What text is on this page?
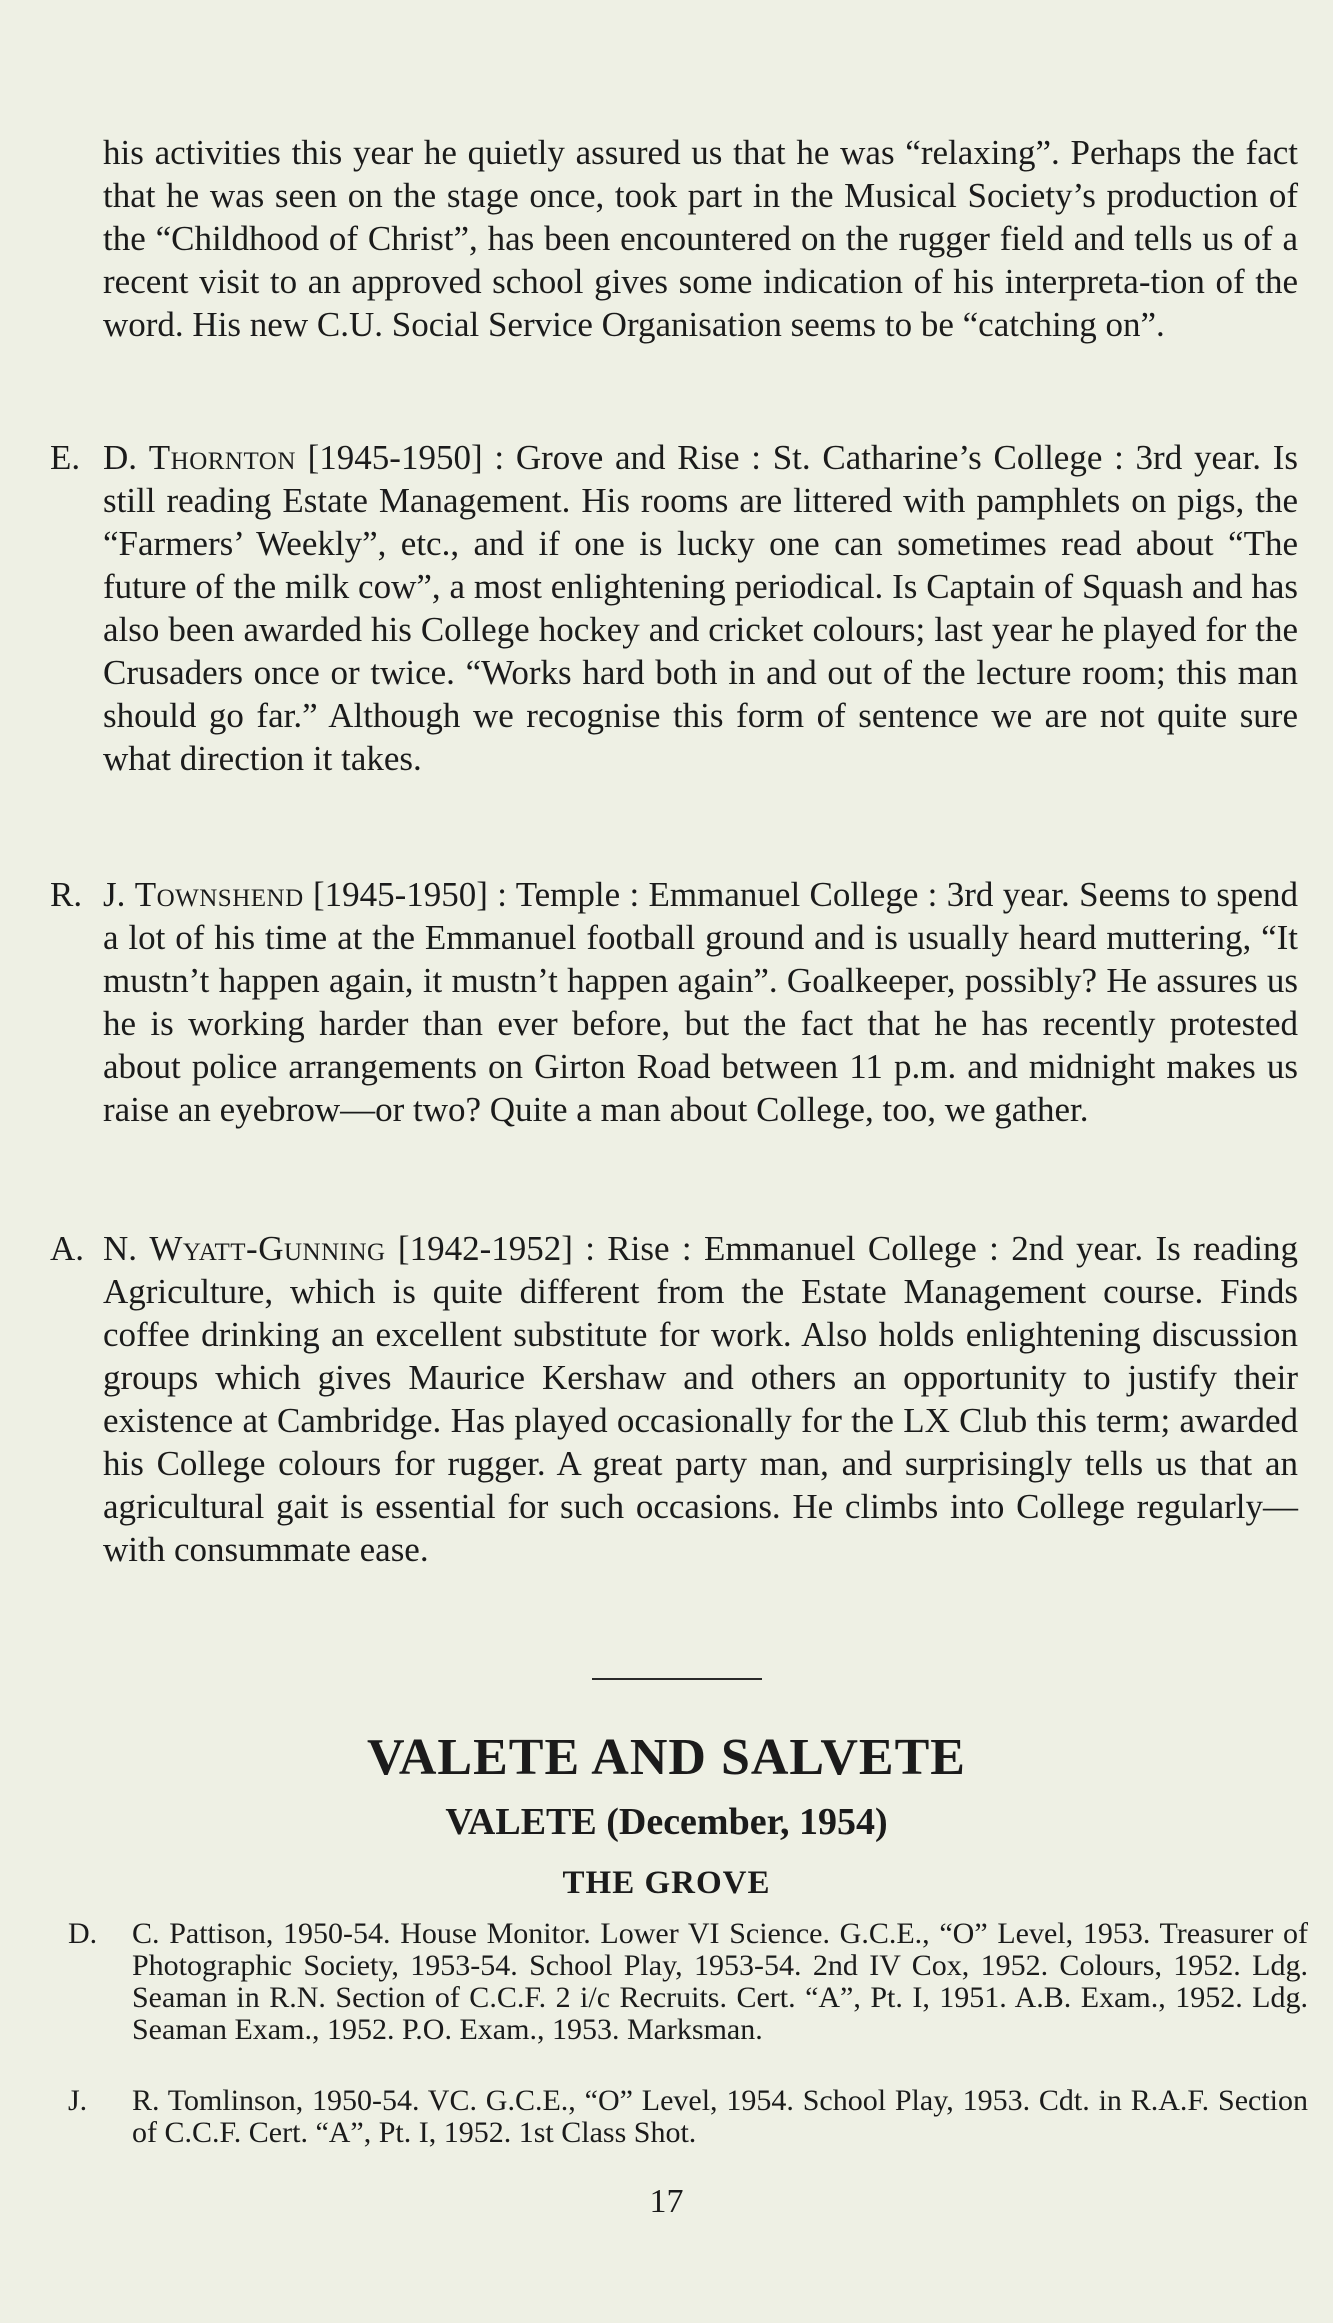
his activities this year he quietly assured us that he was “relaxing”. Perhaps the fact that he was seen on the stage once, took part in the Musical Society’s production of the “Childhood of Christ”, has been encountered on the rugger field and tells us of a recent visit to an approved school gives some indication of his interpreta-tion of the word. His new C.U. Social Service Organisation seems to be “catching on”.

E. D. Thornton [1945-1950] : Grove and Rise : St. Catharine’s College : 3rd year. Is still reading Estate Management. His rooms are littered with pamphlets on pigs, the “Farmers’ Weekly”, etc., and if one is lucky one can sometimes read about “The future of the milk cow”, a most enlightening periodical. Is Captain of Squash and has also been awarded his College hockey and cricket colours; last year he played for the Crusaders once or twice. “Works hard both in and out of the lecture room; this man should go far.” Although we recognise this form of sentence we are not quite sure what direction it takes.
R. J. Townshend [1945-1950] : Temple : Emmanuel College : 3rd year. Seems to spend a lot of his time at the Emmanuel football ground and is usually heard muttering, “It mustn’t happen again, it mustn’t happen again”. Goalkeeper, possibly? He assures us he is working harder than ever before, but the fact that he has recently protested about police arrangements on Girton Road between 11 p.m. and midnight makes us raise an eyebrow—or two? Quite a man about College, too, we gather.
A. N. Wyatt-Gunning [1942-1952] : Rise : Emmanuel College : 2nd year. Is reading Agriculture, which is quite different from the Estate Management course. Finds coffee drinking an excellent substitute for work. Also holds enlightening discussion groups which gives Maurice Kershaw and others an opportunity to justify their existence at Cambridge. Has played occasionally for the LX Club this term; awarded his College colours for rugger. A great party man, and surprisingly tells us that an agricultural gait is essential for such occasions. He climbs into College regularly—with consummate ease.
VALETE AND SALVETE
VALETE (December, 1954)
THE GROVE
D. C. Pattison, 1950-54. House Monitor. Lower VI Science. G.C.E., “O” Level, 1953. Treasurer of Photographic Society, 1953-54. School Play, 1953-54. 2nd IV Cox, 1952. Colours, 1952. Ldg. Seaman in R.N. Section of C.C.F. 2 i/c Recruits. Cert. “A”, Pt. I, 1951. A.B. Exam., 1952. Ldg. Seaman Exam., 1952. P.O. Exam., 1953. Marksman.
J. R. Tomlinson, 1950-54. VC. G.C.E., “O” Level, 1954. School Play, 1953. Cdt. in R.A.F. Section of C.C.F. Cert. “A”, Pt. I, 1952. 1st Class Shot.
17
